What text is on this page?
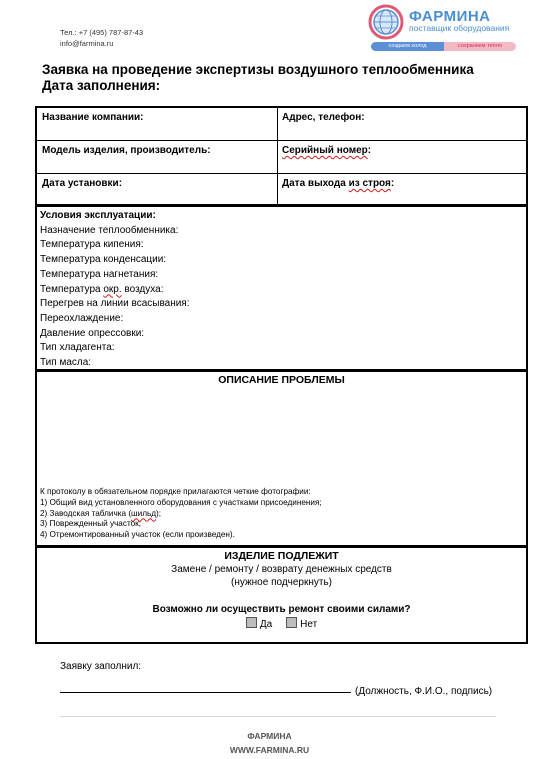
Тел.: +7 (495) 787-87-43
info@farmina.ru
ФАРМИНА
поставщик оборудования
создаем холод	сохраняем тепло
Заявка на проведение экспертизы воздушного теплообменника
Дата заполнения:
Название компании:	Адрес, телефон:
Модель изделия, производитель:	Серийный номер:
Дата установки:	Дата выхода из строя:
Условия эксплуатации:
Назначение теплообменника:
Температура кипения:
Температура конденсации:
Температура нагнетания:
Температура окр. воздуха:
Перегрев на линии всасывания:
Переохлаждение:
Давление опрессовки:
Тип хладагента:
Тип масла:
ОПИСАНИЕ ПРОБЛЕМЫ
К протоколу в обязательном порядке прилагаются четкие фотографии:
1) Общий вид установленного оборудования с участками присоединения;
2) Заводская табличка (шильд);
3) Поврежденный участок;
4) Отремонтированный участок (если произведен).
ИЗДЕЛИЕ ПОДЛЕЖИТ
Замене / ремонту / возврату денежных средств
(нужное подчеркнуть)
Возможно ли осуществить ремонт своими силами?
Да	Нет
Заявку заполнил:
(Должность, Ф.И.О., подпись)
ФАРМИНА
WWW.FARMINA.RU
